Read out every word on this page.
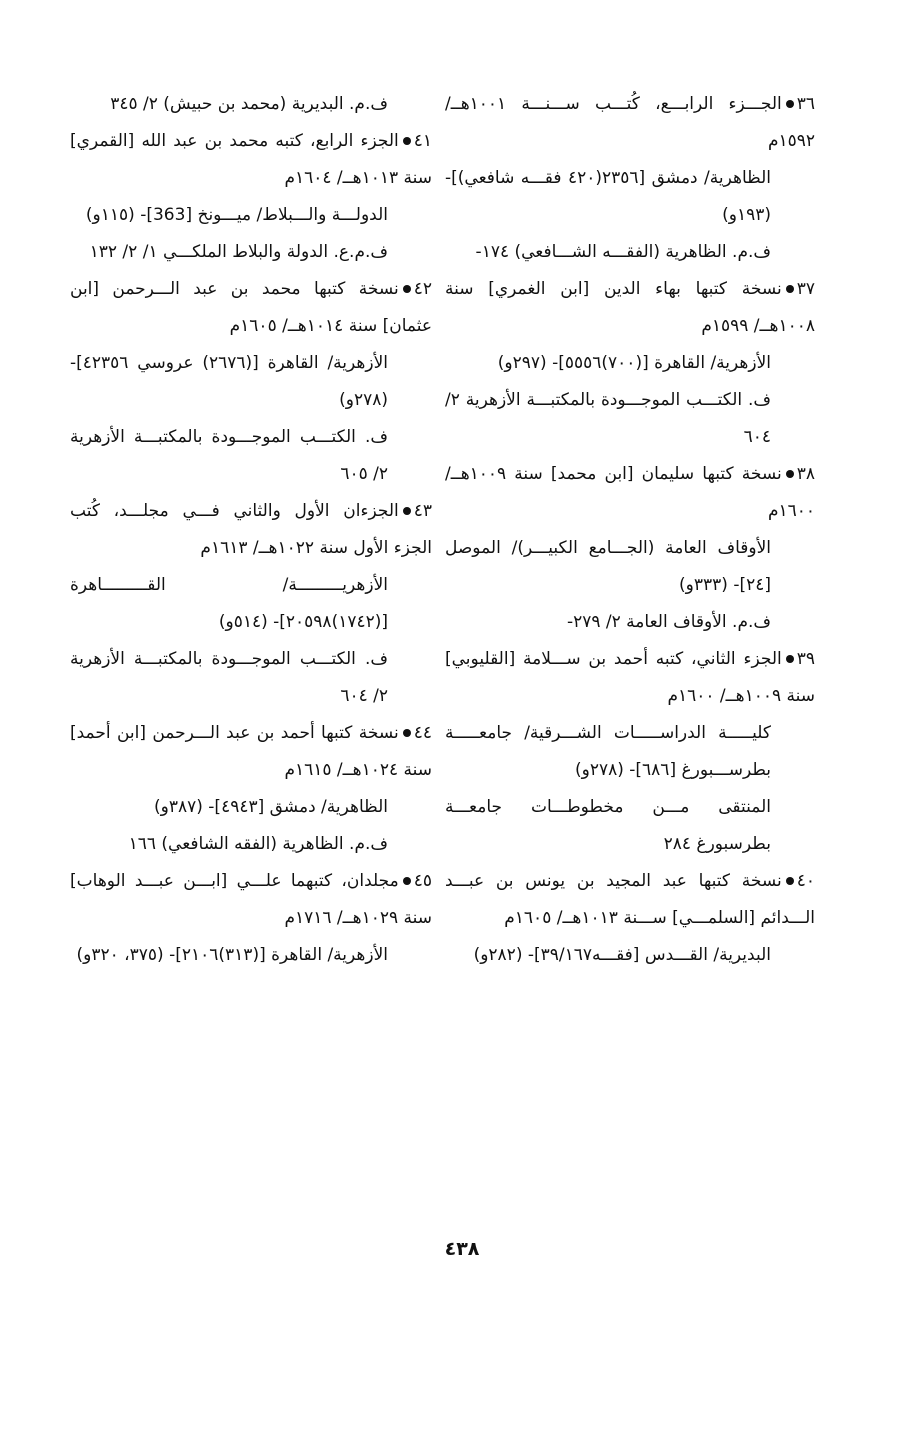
٣٦الجـــزء الرابـــع، كُتـــب ســـنـــة ١٠٠١هــ/ ١٥٩٢م

الظاهرية/ دمشق [٢٣٥٦(٤٢٠ فقـــه شافعي)]- (١٩٣و)

ف.م. الظاهرية (الفقـــه الشـــافعي) ١٧٤-

٣٧نسخة كتبها بهاء الدين [ابن الغمري] سنة ١٠٠٨هــ/ ١٥٩٩م

الأزهرية/ القاهرة [(٧٠٠)٥٥٥٦]- (٢٩٧و)

ف. الكتـــب الموجـــودة بالمكتبـــة الأزهرية ٢/ ٦٠٤

٣٨نسخة كتبها سليمان [ابن محمد] سنة ١٠٠٩هــ/ ١٦٠٠م

الأوقاف العامة (الجـــامع الكبيـــر)/ الموصل [٢٤]- (٣٣٣و)

ف.م. الأوقاف العامة ٢/ ٢٧٩-

٣٩الجزء الثاني، كتبه أحمد بن ســـلامة [القليوبي] سنة ١٠٠٩هــ/ ١٦٠٠م

كليـــــة الدراســـــات الشـــرقية/ جامعـــــة بطرســـبورغ [٦٨٦]- (٢٧٨و)

المنتقى مـــن مخطوطـــات جامعـــة بطرسبورغ ٢٨٤

٤٠نسخة كتبها عبد المجيد بن يونس بن عبـــد الـــدائم [السلمـــي] ســـنة ١٠١٣هــ/ ١٦٠٥م

البديرية/ القـــدس [فقـــه٣٩/١٦٧]- (٢٨٢و)

ف.م. البديرية (محمد بن حبيش) ٢/ ٣٤٥

٤١الجزء الرابع، كتبه محمد بن عبد الله [القمري] سنة ١٠١٣هــ/ ١٦٠٤م

الدولـــة والـــبلاط/ ميـــونخ [363]- (١١٥و)

ف.م.ع. الدولة والبلاط الملكـــي ١/ ٢/ ١٣٢

٤٢نسخة كتبها محمد بن عبد الـــرحمن [ابن عثمان] سنة ١٠١٤هــ/ ١٦٠٥م

الأزهرية/ القاهرة [(٢٦٧٦) عروسي ٤٢٣٥٦]- (٢٧٨و)

ف. الكتـــب الموجـــودة بالمكتبـــة الأزهرية ٢/ ٦٠٥

٤٣الجزءان الأول والثاني فـــي مجلـــد، كُتب الجزء الأول سنة ١٠٢٢هــ/ ١٦١٣م

الأزهريـــــــــة/ القـــــــــاهرة [(١٧٤٢)٢٠٥٩٨]- (٥١٤و)

ف. الكتـــب الموجـــودة بالمكتبـــة الأزهرية ٢/ ٦٠٤

٤٤نسخة كتبها أحمد بن عبد الـــرحمن [ابن أحمد] سنة ١٠٢٤هــ/ ١٦١٥م

الظاهرية/ دمشق [٤٩٤٣]- (٣٨٧و)

ف.م. الظاهرية (الفقه الشافعي) ١٦٦

٤٥مجلدان، كتبهما علـــي [ابـــن عبـــد الوهاب] سنة ١٠٢٩هــ/ ١٧١٦م

الأزهرية/ القاهرة [(٣١٣)٢١٠٦]- (٣٧٥، ٣٢٠و)

٤٣٨
